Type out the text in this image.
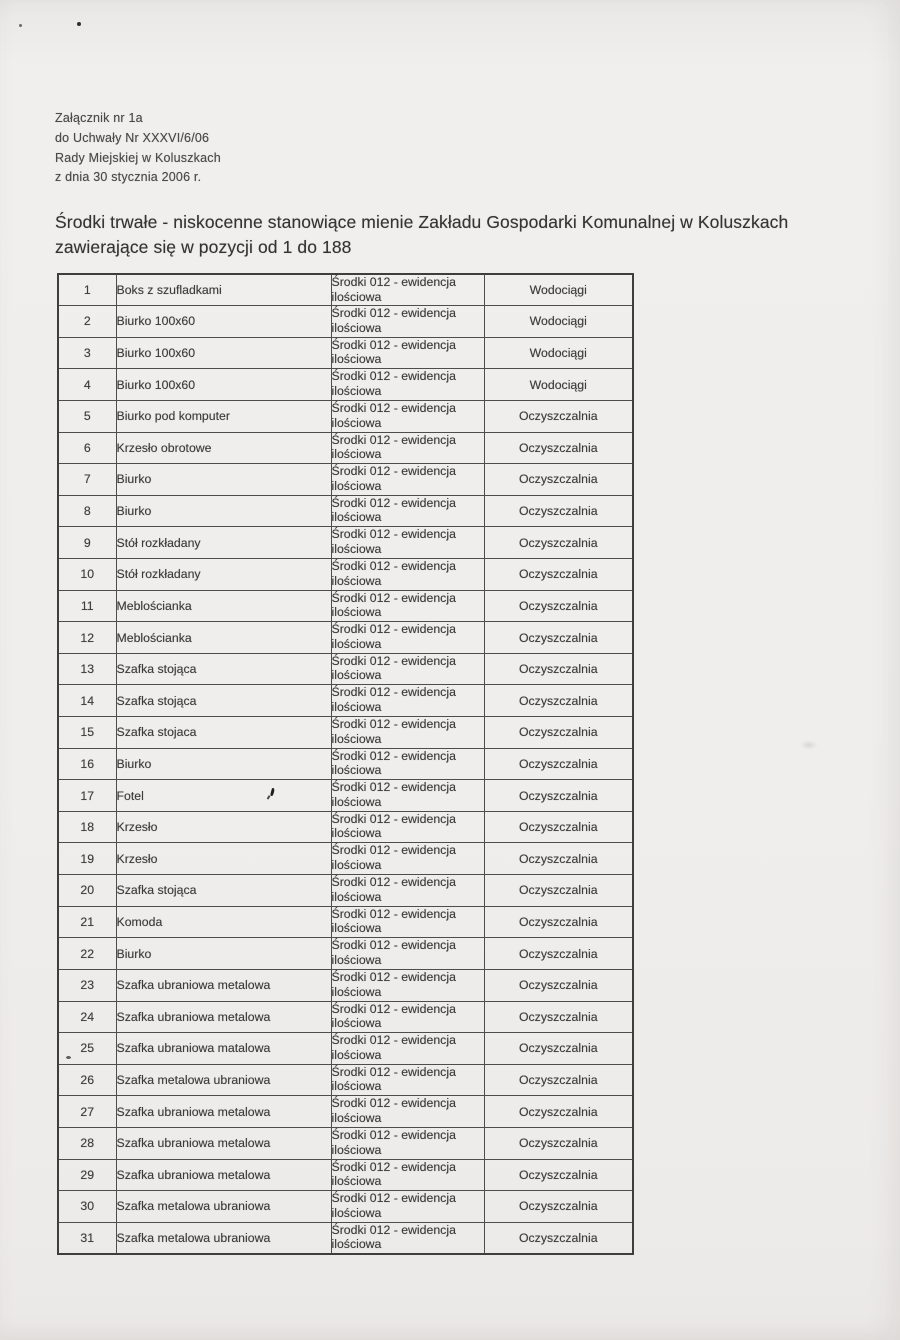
Załącznik nr 1a
do Uchwały Nr XXXVI/6/06
Rady Miejskiej w Koluszkach
z dnia 30 stycznia 2006 r.
Środki trwałe - niskocenne stanowiące mienie Zakładu Gospodarki Komunalnej w Koluszkach zawierające się w pozycji od 1 do 188
1	Boks z szufladkami	Środki 012 - ewidencja ilościowa	Wodociągi
2	Biurko 100x60	Środki 012 - ewidencja ilościowa	Wodociągi
3	Biurko 100x60	Środki 012 - ewidencja ilościowa	Wodociągi
4	Biurko 100x60	Środki 012 - ewidencja ilościowa	Wodociągi
5	Biurko pod komputer	Środki 012 - ewidencja ilościowa	Oczyszczalnia
6	Krzesło obrotowe	Środki 012 - ewidencja ilościowa	Oczyszczalnia
7	Biurko	Środki 012 - ewidencja ilościowa	Oczyszczalnia
8	Biurko	Środki 012 - ewidencja ilościowa	Oczyszczalnia
9	Stół rozkładany	Środki 012 - ewidencja ilościowa	Oczyszczalnia
10	Stół rozkładany	Środki 012 - ewidencja ilościowa	Oczyszczalnia
11	Meblościanka	Środki 012 - ewidencja ilościowa	Oczyszczalnia
12	Meblościanka	Środki 012 - ewidencja ilościowa	Oczyszczalnia
13	Szafka stojąca	Środki 012 - ewidencja ilościowa	Oczyszczalnia
14	Szafka stojąca	Środki 012 - ewidencja ilościowa	Oczyszczalnia
15	Szafka stojaca	Środki 012 - ewidencja ilościowa	Oczyszczalnia
16	Biurko	Środki 012 - ewidencja ilościowa	Oczyszczalnia
17	Fotel	Środki 012 - ewidencja ilościowa	Oczyszczalnia
18	Krzesło	Środki 012 - ewidencja ilościowa	Oczyszczalnia
19	Krzesło	Środki 012 - ewidencja ilościowa	Oczyszczalnia
20	Szafka stojąca	Środki 012 - ewidencja ilościowa	Oczyszczalnia
21	Komoda	Środki 012 - ewidencja ilościowa	Oczyszczalnia
22	Biurko	Środki 012 - ewidencja ilościowa	Oczyszczalnia
23	Szafka ubraniowa metalowa	Środki 012 - ewidencja ilościowa	Oczyszczalnia
24	Szafka ubraniowa metalowa	Środki 012 - ewidencja ilościowa	Oczyszczalnia
25	Szafka ubraniowa matalowa	Środki 012 - ewidencja ilościowa	Oczyszczalnia
26	Szafka metalowa ubraniowa	Środki 012 - ewidencja ilościowa	Oczyszczalnia
27	Szafka ubraniowa metalowa	Środki 012 - ewidencja ilościowa	Oczyszczalnia
28	Szafka ubraniowa metalowa	Środki 012 - ewidencja ilościowa	Oczyszczalnia
29	Szafka ubraniowa metalowa	Środki 012 - ewidencja ilościowa	Oczyszczalnia
30	Szafka metalowa ubraniowa	Środki 012 - ewidencja ilościowa	Oczyszczalnia
31	Szafka metalowa ubraniowa	Środki 012 - ewidencja ilościowa	Oczyszczalnia
